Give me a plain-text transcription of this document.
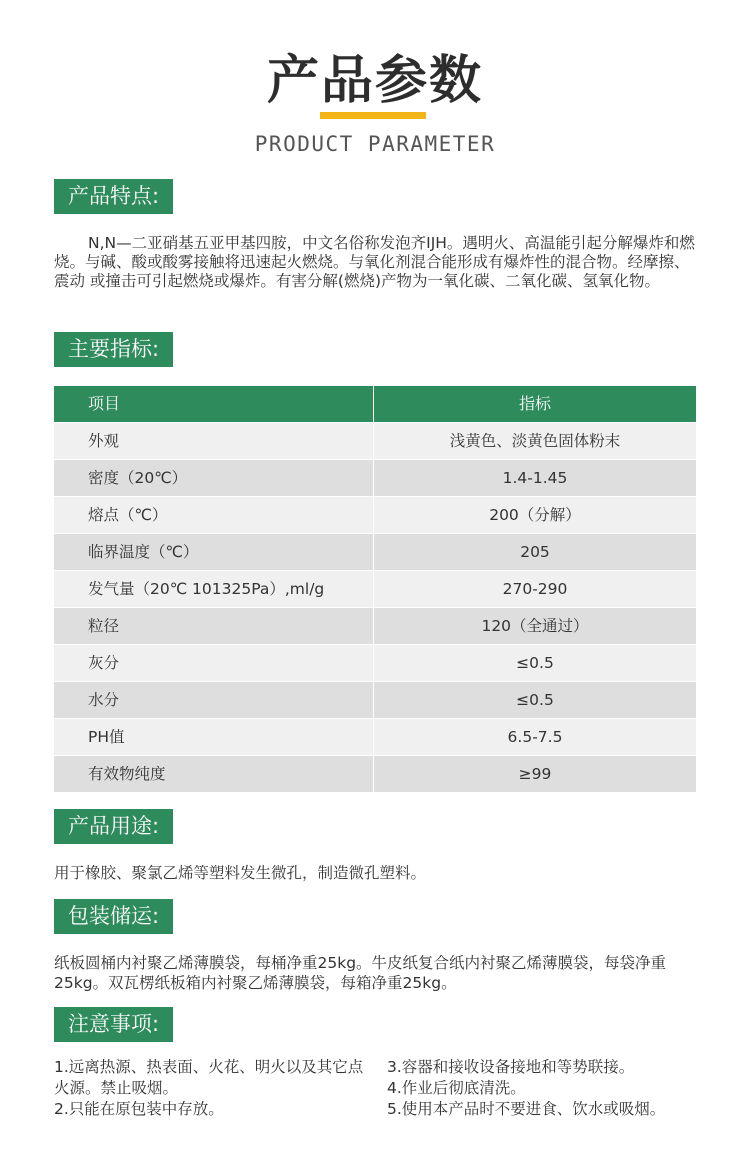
产品参数
PRODUCT PARAMETER
产品特点:
N,N—二亚硝基五亚甲基四胺，中文名俗称发泡齐IJH。遇明火、高温能引起分解爆炸和燃烧。与碱、酸或酸雾接触将迅速起火燃烧。与氧化剂混合能形成有爆炸性的混合物。经摩擦、震动 或撞击可引起燃烧或爆炸。有害分解(燃烧)产物为一氧化碳、二氧化碳、氢氧化物。
主要指标:
项目	指标
外观	浅黄色、淡黄色固体粉末
密度（20℃）	1.4-1.45
熔点（℃）	200（分解）
临界温度（℃）	205
发气量（20℃ 101325Pa）,ml/g	270-290
粒径	120（全通过）
灰分	≤0.5
水分	≤0.5
PH值	6.5-7.5
有效物纯度	≥99
产品用途:
用于橡胶、聚氯乙烯等塑料发生微孔，制造微孔塑料。
包装储运:
纸板圆桶内衬聚乙烯薄膜袋，每桶净重25kg。牛皮纸复合纸内衬聚乙烯薄膜袋，每袋净重25kg。双瓦楞纸板箱内衬聚乙烯薄膜袋，每箱净重25kg。
注意事项:
1.远离热源、热表面、火花、明火以及其它点火源。禁止吸烟。
2.只能在原包装中存放。
3.容器和接收设备接地和等势联接。
4.作业后彻底清洗。
5.使用本产品时不要进食、饮水或吸烟。
